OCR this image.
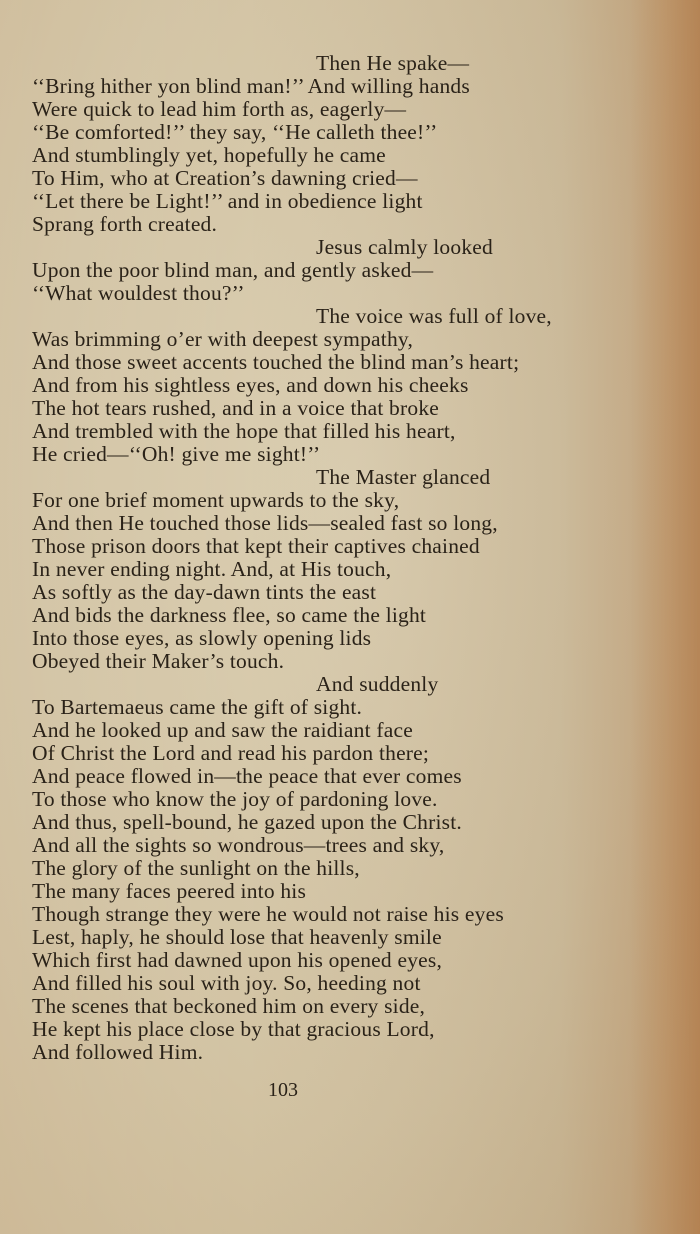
Then He spake—
‘‘Bring hither yon blind man!’’ And willing hands
Were quick to lead him forth as, eagerly—
‘‘Be comforted!’’ they say, ‘‘He calleth thee!’’
And stumblingly yet, hopefully he came
To Him, who at Creation’s dawning cried—
‘‘Let there be Light!’’ and in obedience light
Sprang forth created.
Jesus calmly looked
Upon the poor blind man, and gently asked—
‘‘What wouldest thou?’’
The voice was full of love,
Was brimming o’er with deepest sympathy,
And those sweet accents touched the blind man’s heart;
And from his sightless eyes, and down his cheeks
The hot tears rushed, and in a voice that broke
And trembled with the hope that filled his heart,
He cried—‘‘Oh! give me sight!’’
The Master glanced
For one brief moment upwards to the sky,
And then He touched those lids—sealed fast so long,
Those prison doors that kept their captives chained
In never ending night. And, at His touch,
As softly as the day-dawn tints the east
And bids the darkness flee, so came the light
Into those eyes, as slowly opening lids
Obeyed their Maker’s touch.
And suddenly
To Bartemaeus came the gift of sight.
And he looked up and saw the raidiant face
Of Christ the Lord and read his pardon there;
And peace flowed in—the peace that ever comes
To those who know the joy of pardoning love.
And thus, spell-bound, he gazed upon the Christ.
And all the sights so wondrous—trees and sky,
The glory of the sunlight on the hills,
The many faces peered into his
Though strange they were he would not raise his eyes
Lest, haply, he should lose that heavenly smile
Which first had dawned upon his opened eyes,
And filled his soul with joy. So, heeding not
The scenes that beckoned him on every side,
He kept his place close by that gracious Lord,
And followed Him.
103
